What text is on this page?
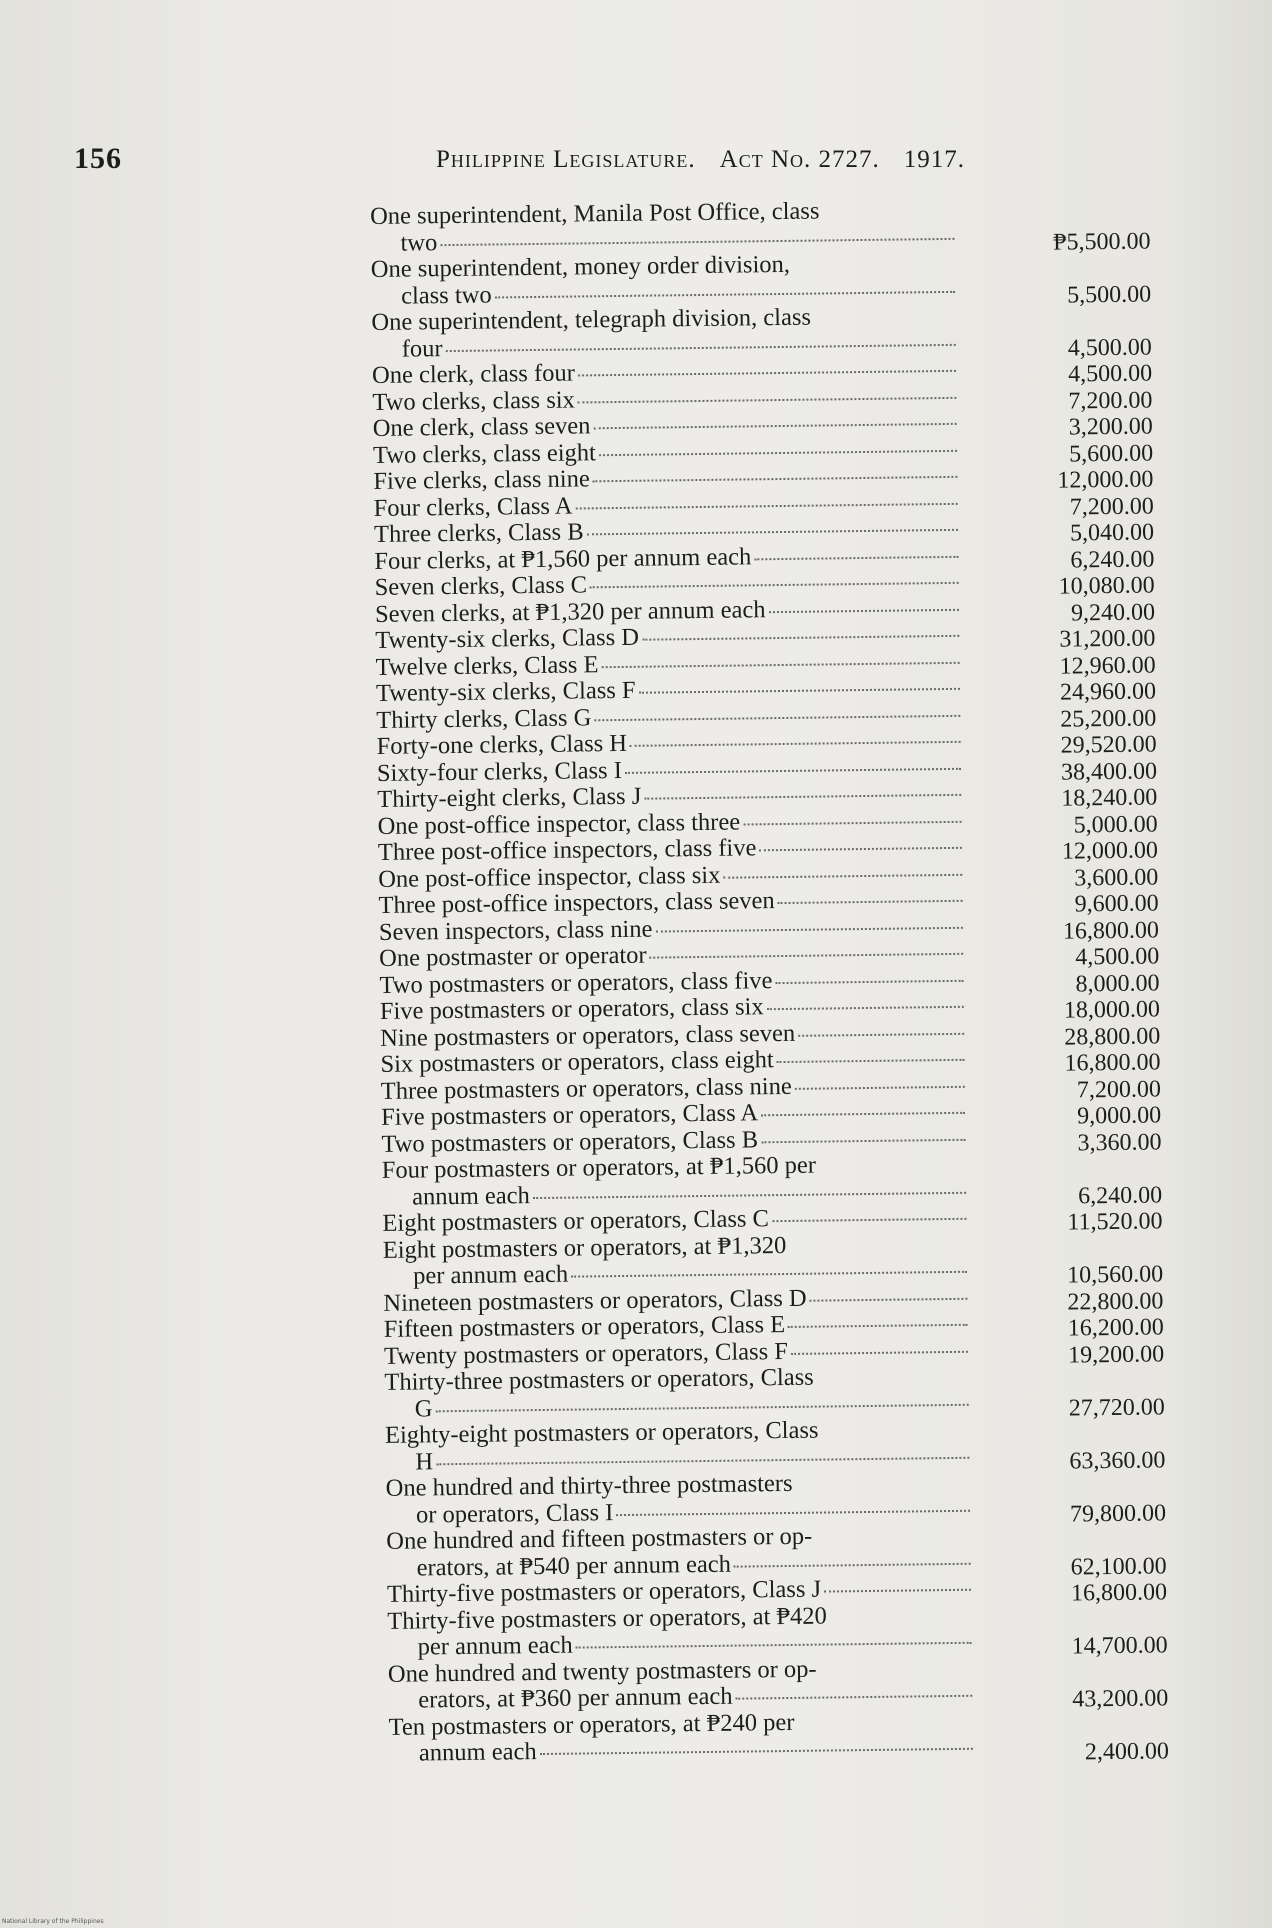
156	Philippine Legislature. Act No. 2727. 1917.
One superintendent, Manila Post Office, class
two	₱5,500.00
One superintendent, money order division,
class two	5,500.00
One superintendent, telegraph division, class
four	4,500.00
One clerk, class four	4,500.00
Two clerks, class six	7,200.00
One clerk, class seven	3,200.00
Two clerks, class eight	5,600.00
Five clerks, class nine	12,000.00
Four clerks, Class A	7,200.00
Three clerks, Class B	5,040.00
Four clerks, at ₱1,560 per annum each	6,240.00
Seven clerks, Class C	10,080.00
Seven clerks, at ₱1,320 per annum each	9,240.00
Twenty-six clerks, Class D	31,200.00
Twelve clerks, Class E	12,960.00
Twenty-six clerks, Class F	24,960.00
Thirty clerks, Class G	25,200.00
Forty-one clerks, Class H	29,520.00
Sixty-four clerks, Class I	38,400.00
Thirty-eight clerks, Class J	18,240.00
One post-office inspector, class three	5,000.00
Three post-office inspectors, class five	12,000.00
One post-office inspector, class six	3,600.00
Three post-office inspectors, class seven	9,600.00
Seven inspectors, class nine	16,800.00
One postmaster or operator	4,500.00
Two postmasters or operators, class five	8,000.00
Five postmasters or operators, class six	18,000.00
Nine postmasters or operators, class seven	28,800.00
Six postmasters or operators, class eight	16,800.00
Three postmasters or operators, class nine	7,200.00
Five postmasters or operators, Class A	9,000.00
Two postmasters or operators, Class B	3,360.00
Four postmasters or operators, at ₱1,560 per
annum each	6,240.00
Eight postmasters or operators, Class C	11,520.00
Eight postmasters or operators, at ₱1,320
per annum each	10,560.00
Nineteen postmasters or operators, Class D	22,800.00
Fifteen postmasters or operators, Class E	16,200.00
Twenty postmasters or operators, Class F	19,200.00
Thirty-three postmasters or operators, Class
G	27,720.00
Eighty-eight postmasters or operators, Class
H	63,360.00
One hundred and thirty-three postmasters
or operators, Class I	79,800.00
One hundred and fifteen postmasters or op-
erators, at ₱540 per annum each	62,100.00
Thirty-five postmasters or operators, Class J	16,800.00
Thirty-five postmasters or operators, at ₱420
per annum each	14,700.00
One hundred and twenty postmasters or op-
erators, at ₱360 per annum each	43,200.00
Ten postmasters or operators, at ₱240 per
annum each	2,400.00
National Library of the Philippines
